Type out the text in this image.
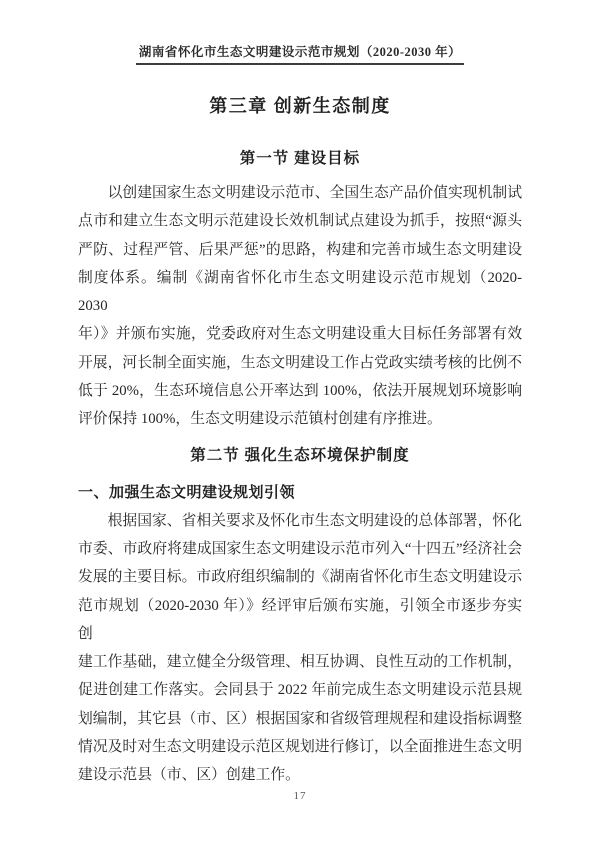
湖南省怀化市生态文明建设示范市规划（2020-2030 年）
第三章 创新生态制度
第一节 建设目标
以创建国家生态文明建设示范市、全国生态产品价值实现机制试
点市和建立生态文明示范建设长效机制试点建设为抓手，按照“源头
严防、过程严管、后果严惩”的思路，构建和完善市域生态文明建设
制度体系。编制《湖南省怀化市生态文明建设示范市规划（2020-2030
年）》并颁布实施，党委政府对生态文明建设重大目标任务部署有效
开展，河长制全面实施，生态文明建设工作占党政实绩考核的比例不
低于 20%，生态环境信息公开率达到 100%，依法开展规划环境影响
评价保持 100%，生态文明建设示范镇村创建有序推进。
第二节 强化生态环境保护制度
一、加强生态文明建设规划引领
根据国家、省相关要求及怀化市生态文明建设的总体部署，怀化
市委、市政府将建成国家生态文明建设示范市列入“十四五”经济社会
发展的主要目标。市政府组织编制的《湖南省怀化市生态文明建设示
范市规划（2020-2030 年）》经评审后颁布实施，引领全市逐步夯实创
建工作基础，建立健全分级管理、相互协调、良性互动的工作机制，
促进创建工作落实。会同县于 2022 年前完成生态文明建设示范县规
划编制，其它县（市、区）根据国家和省级管理规程和建设指标调整
情况及时对生态文明建设示范区规划进行修订，以全面推进生态文明
建设示范县（市、区）创建工作。
17
